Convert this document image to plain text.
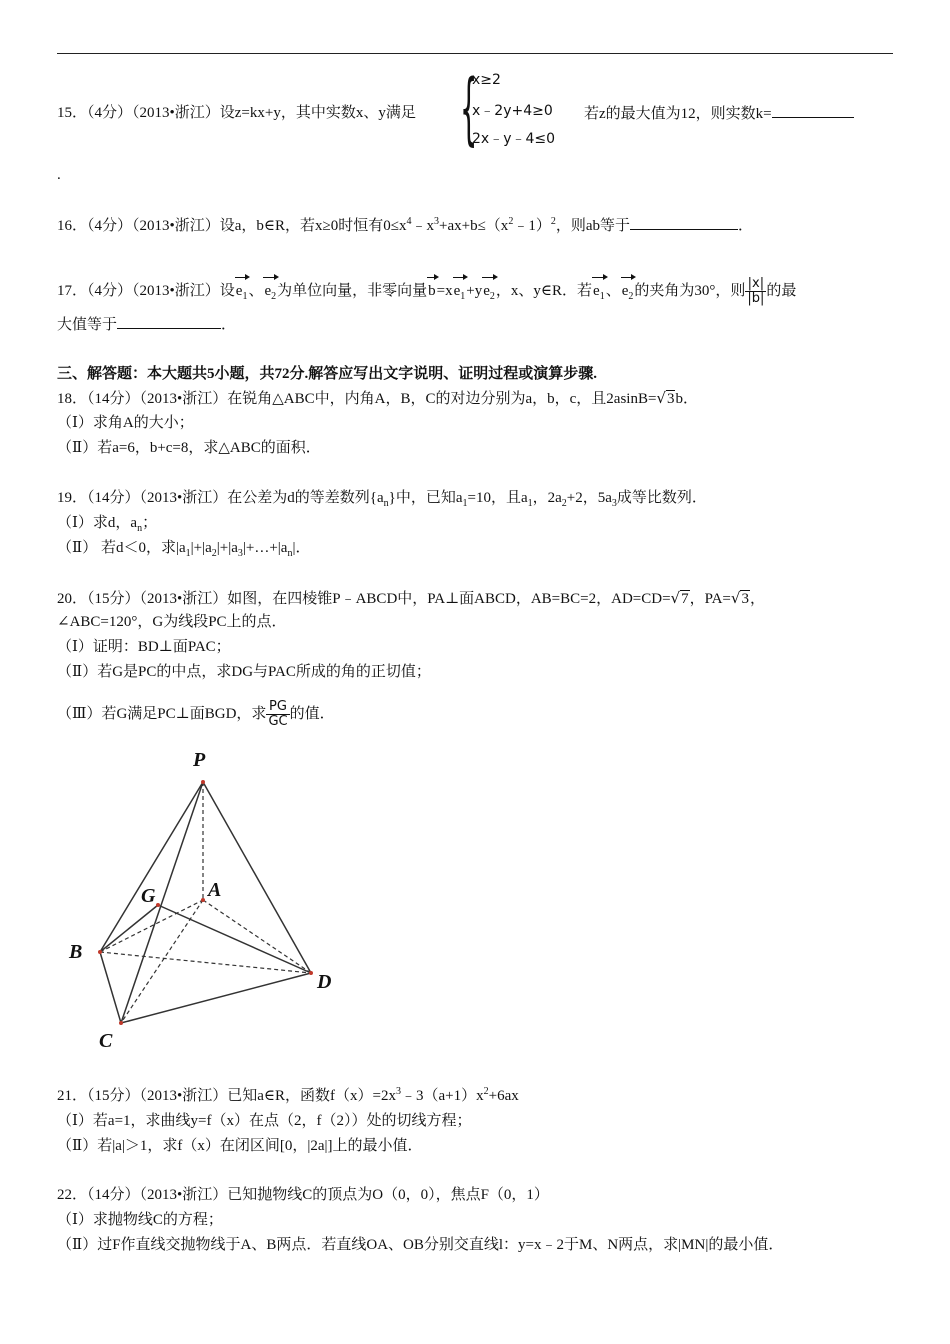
15．（4分）（2013•浙江）设z=kx+y，其中实数x、y满足 {
x≥2
x﹣2y+4≥0
2x﹣y﹣4≤0
若z的最大值为12，则实数k=
.
16．（4分）（2013•浙江）设a，b∈R，若x≥0时恒有$0\le x^4﹣x^3+ax+b\le(x^2﹣1)^2$，则ab等于	．
17．（4分）（2013•浙江）设$e_1$、$e_2$为单位向量，非零向量$b=xe_1+ye_2$，x、y∈R．若$e_1$、$e_2$的夹角为30°，则 $\frac{|x|}{|b|}$ 的最
大值等于	．
三、解答题：本大题共5小题，共72分.解答应写出文字说明、证明过程或演算步骤.
18．（14分）（2013•浙江）在锐角△ABC中，内角A，B，C的对边分别为a，b，c，且2asinB=√3b．
（Ⅰ）求角A的大小；
（Ⅱ）若a=6，b+c=8，求△ABC的面积．
19．（14分）（2013•浙江）在公差为d的等差数列$\{a_n\}$中，已知$a_1=10$，且$a_1$，$2a_2+2$，$5a_3$成等比数列．
（Ⅰ）求d，$a_n$；
（Ⅱ） 若d＜0，求$|a_1|+|a_2|+|a_3|+\dots+|a_n|$．
20．（15分）（2013•浙江）如图，在四棱锥P﹣ABCD中，PA⊥面ABCD，AB=BC=2，AD=CD=√7，PA=√3，
∠ABC=120°，G为线段PC上的点．
（Ⅰ）证明：BD⊥面PAC；
（Ⅱ）若G是PC的中点，求DG与PAC所成的角的正切值；
（Ⅲ）若G满足PC⊥面BGD，求 $\frac{PG}{GC}$ 的值．
P
A
G
B
C
D
21．（15分）（2013•浙江）已知a∈R，函数$f(x)=2x^3﹣3(a+1)x^2+6ax$
（Ⅰ）若a=1，求曲线y=f（x）在点（2，f（2））处的切线方程；
（Ⅱ）若|a|＞1，求f（x）在闭区间[0，|2a|]上的最小值．
22．（14分）（2013•浙江）已知抛物线C的顶点为O（0，0），焦点F（0，1）
（Ⅰ）求抛物线C的方程；
（Ⅱ）过F作直线交抛物线于A、B两点．若直线OA、OB分别交直线l：y=x﹣2于M、N两点，求|MN|的最小值．
